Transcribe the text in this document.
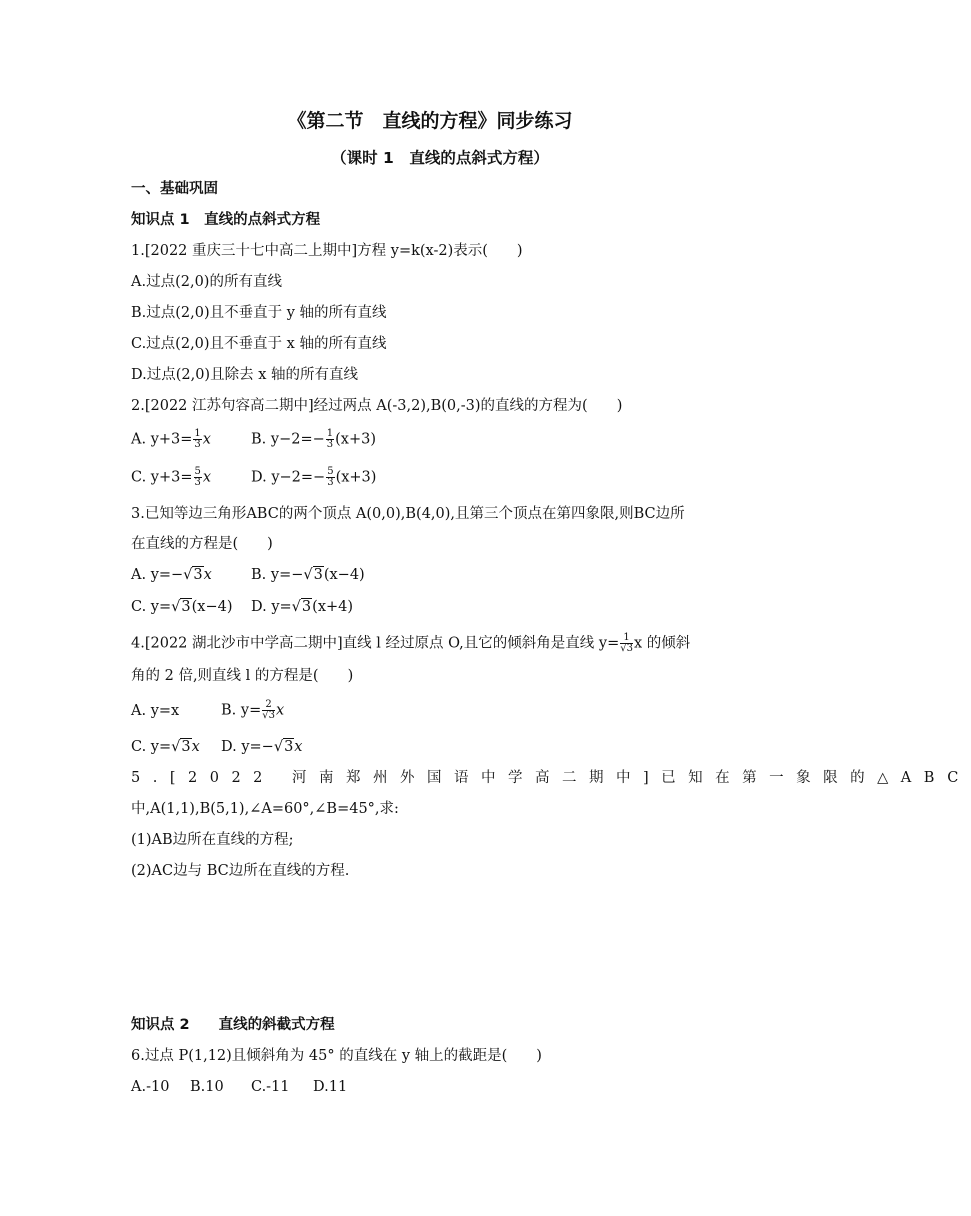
《第二节　直线的方程》同步练习
（课时 1　直线的点斜式方程）
一、基础巩固
知识点 1　直线的点斜式方程
1.[2022 重庆三十七中高二上期中]方程 y=k(x-2)表示(　　)
A.过点(2,0)的所有直线
B.过点(2,0)且不垂直于 y 轴的所有直线
C.过点(2,0)且不垂直于 x 轴的所有直线
D.过点(2,0)且除去 x 轴的所有直线
2.[2022 江苏句容高二期中]经过两点 A(-3,2),B(0,-3)的直线的方程为(　　)
A. $y+3= \frac{1}{3}$ x	B. $y-2=- \frac{1}{3} (x+3)$
C. $y+3= \frac{5}{3}$ x	D. $y-2=- \frac{5}{3} (x+3)$
3.已知等边三角形ABC的两个顶点 A(0,0),B(4,0),且第三个顶点在第四象限,则BC边所
在直线的方程是(　　)
A. y=−√3x	B. y=−√3(x−4)
C. y=√3(x−4) D. y=√3(x+4)
4.[2022 湖北沙市中学高二期中]直线 l 经过原点 O,且它的倾斜角是直线 $y= \frac{1}{√3}$ x 的倾斜
角的 2 倍,则直线 l 的方程是(　　)
A. y=x	B. $y= \frac{2}{√3}$ x
C. y=√3x D. y=−√3x
5.[2022 河南郑州外国语中学高二期中]已知在第一象限的△ABC
中,A(1,1),B(5,1),∠A=60°,∠B=45°,求:
(1)AB边所在直线的方程;
(2)AC边与 BC边所在直线的方程.
知识点 2　　直线的斜截式方程
6.过点 P(1,12)且倾斜角为 45° 的直线在 y 轴上的截距是(　　)
A.-10 B.10 C.-11 D.11
